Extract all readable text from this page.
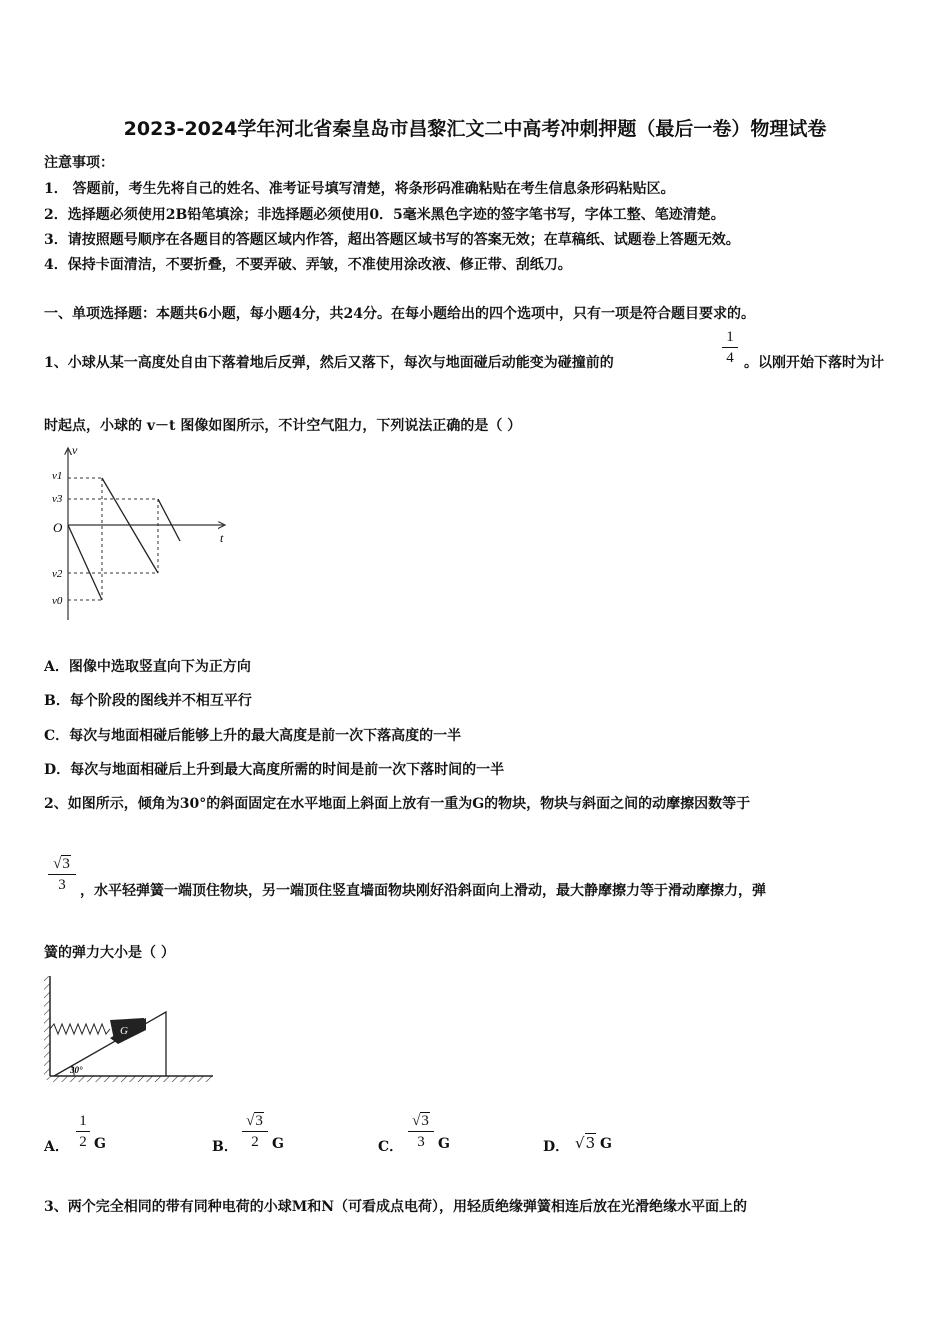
2023-2024学年河北省秦皇岛市昌黎汇文二中高考冲刺押题（最后一卷）物理试卷
注意事项：
1． 答题前，考生先将自己的姓名、准考证号填写清楚，将条形码准确粘贴在考生信息条形码粘贴区。
2．选择题必须使用2B铅笔填涂；非选择题必须使用0．5毫米黑色字迹的签字笔书写，字体工整、笔迹清楚。
3．请按照题号顺序在各题目的答题区域内作答，超出答题区域书写的答案无效；在草稿纸、试题卷上答题无效。
4．保持卡面清洁，不要折叠，不要弄破、弄皱，不准使用涂改液、修正带、刮纸刀。
一、单项选择题：本题共6小题，每小题4分，共24分。在每小题给出的四个选项中，只有一项是符合题目要求的。
1、小球从某一高度处自由下落着地后反弹，然后又落下，每次与地面碰后动能变为碰撞前的
1
4 。以刚开始下落时为计
时起点，小球的 v－t 图像如图所示，不计空气阻力，下列说法正确的是（ ）
v
t
O
v1
v3
v2
v0
A．图像中选取竖直向下为正方向
B．每个阶段的图线并不相互平行
C．每次与地面相碰后能够上升的最大高度是前一次下落高度的一半
D．每次与地面相碰后上升到最大高度所需的时间是前一次下落时间的一半
2、如图所示，倾角为30°的斜面固定在水平地面上斜面上放有一重为G的物块，物块与斜面之间的动摩擦因数等于
√3
3	，水平轻弹簧一端顶住物块，另一端顶住竖直墙面物块刚好沿斜面向上滑动，最大静摩擦力等于滑动摩擦力，弹
簧的弹力大小是（ ）
G
30°
A．
1
2 G	B．
√3
2 G	C．
√3
3 G	D． √3 G
3、两个完全相同的带有同种电荷的小球M和N（可看成点电荷），用轻质绝缘弹簧相连后放在光滑绝缘水平面上的
